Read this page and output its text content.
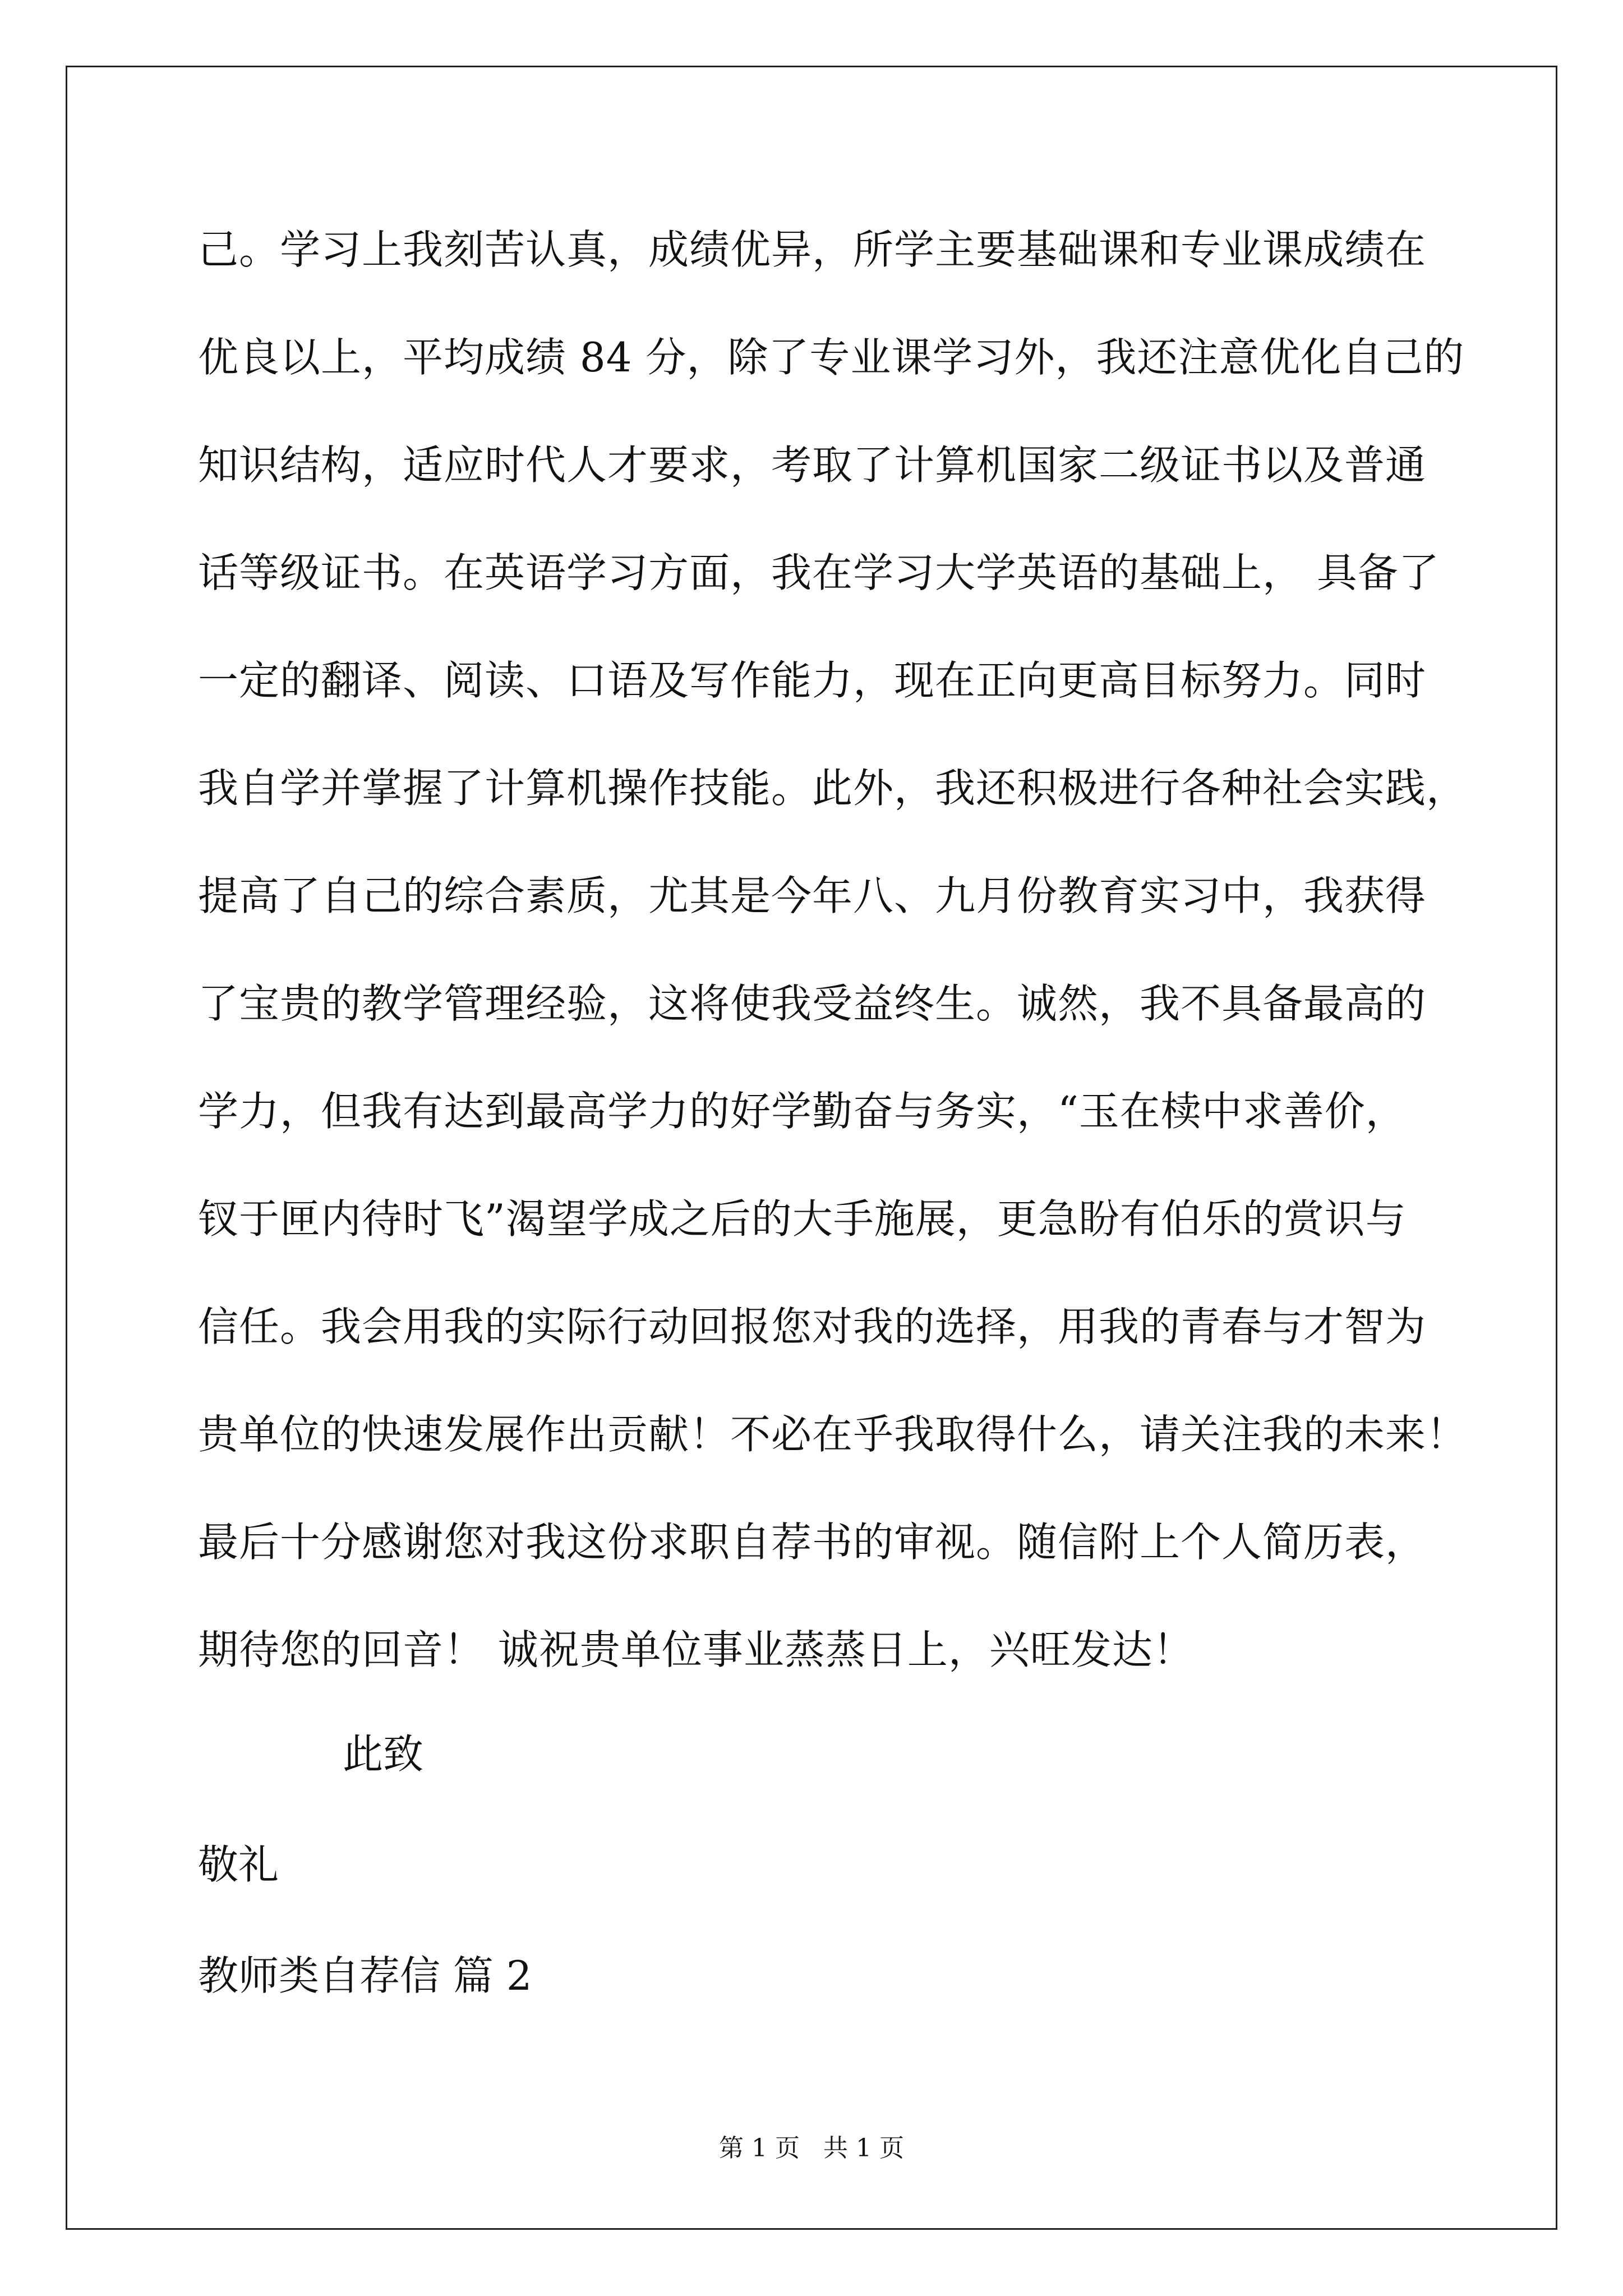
己。学习上我刻苦认真，成绩优异，所学主要基础课和专业课成绩在
优良以上，平均成绩 84 分，除了专业课学习外，我还注意优化自己的
知识结构，适应时代人才要求，考取了计算机国家二级证书以及普通
话等级证书。在英语学习方面，我在学习大学英语的基础上， 具备了
一定的翻译、阅读、口语及写作能力，现在正向更高目标努力。同时
我自学并掌握了计算机操作技能。此外，我还积极进行各种社会实践，
提高了自己的综合素质，尤其是今年八、九月份教育实习中，我获得
了宝贵的教学管理经验，这将使我受益终生。诚然，我不具备最高的
学力，但我有达到最高学力的好学勤奋与务实，“玉在椟中求善价，
钗于匣内待时飞”渴望学成之后的大手施展，更急盼有伯乐的赏识与
信任。我会用我的实际行动回报您对我的选择，用我的青春与才智为
贵单位的快速发展作出贡献！不必在乎我取得什么，请关注我的未来！
最后十分感谢您对我这份求职自荐书的审视。随信附上个人简历表，
期待您的回音！ 诚祝贵单位事业蒸蒸日上，兴旺发达！
此致
敬礼
教师类自荐信 篇 2
第 1 页 共 1 页
